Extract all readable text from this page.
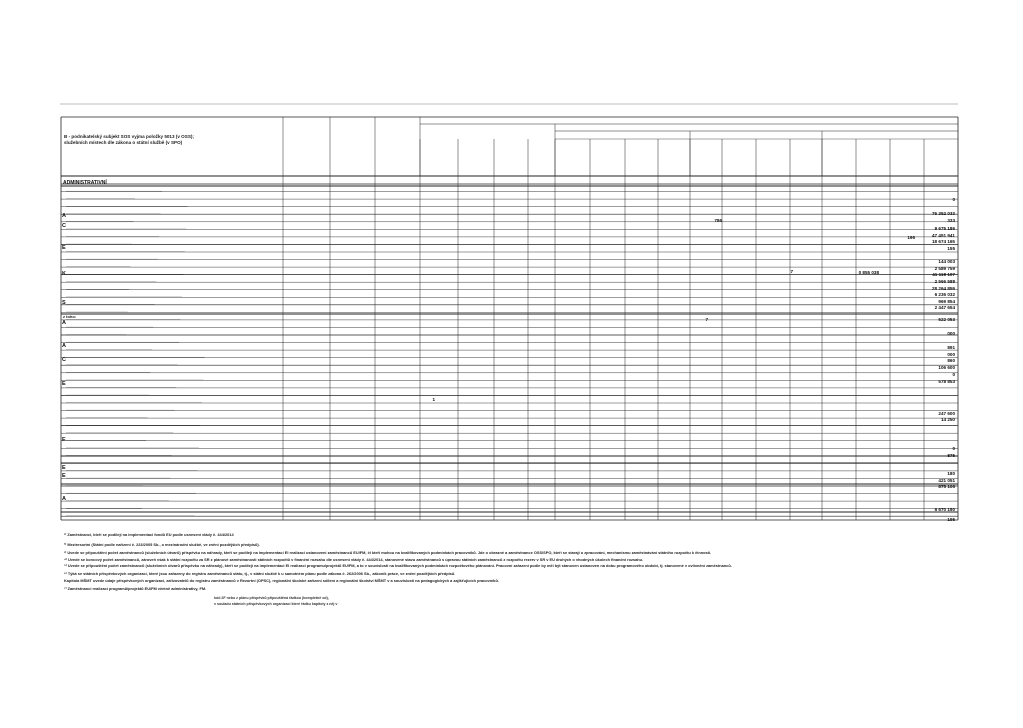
B - podnikatelský subjekt SOS vyjma položky 5013 (v OSS);
služebních místech dle zákona o státní službě (v SPO)
ADMINISTRATIVNÍ
z toho:
A
C
E
K
S
A
A
C
E
E
E
E
A
0
76 352 033
333
9 675 186
47 451 941
18 674 165
155
144 003
2 589 759
41 118 107
2 566 588
28 264 859
6 236 032
969 854
2 447 654
522 053
000
891
000
860
106 600
0
578 853
14 250
247 600
0
875
180
421 051
875 106
6 670 150
195
196
0 855 038
7
7
1
786
¹⁾ Zaměstnanci, kteří se podílejí na implementaci fondů EU podle usnesení vlády č. 444/2014
²⁾ Meziresortní (Státní podle nařízení č. 223/2005 Sb., o mezinárodní službě, ve znění pozdějších předpisů).
³⁾ Uvede se připouštění počet zaměstnanců (služebních útvarů) příspěvku na náhrady, kteří se podílejí na implementaci EI realizaci ustanovení zaměstnanců EU/FM, či kteří mohou na kvalifikovaných podmínkách pracovníků. Jde o obrazné a zaměstnance OSS/SPO, kteří se starají o zpracování, mechanismu zaměstnávání státního rozpočtu k činnosti.
⁴⁾ Uvede se koncový počet zaměstnanců, zároveň však k státní rozpočtu za SR z plánové zaměstnanosti státních rozpočtů v finanční rozsahu dle usnesení vlády č. 444/2014, stanovené stavu zaměstnanců s úpravou státních zaměstnanců z rozpočtu rezerv v SR v EU druhých o vhodných úkolech finanční rozsahu.
⁵⁾ Uvede se připouštění počet zaměstnanců (služebních útvarů příspěvku na náhrady), kteří se podílejí na implementaci EI realizaci programu/projektů EU/FM, a to v souvislosti na kvalifikovaných podmínkách rozpočtového plánování. Pracovní zařazení podle by měl být stanoven ustanoven na dobu programového období, tj. stanovené v ovlivnění zaměstnanců.
⁶⁾ Týká se státních příspěvkových organizací, které jsou zařazeny do registru zaměstnanců státu, tj., v státní službě k u samotném plánu podle zákona č. 262/2006 Sb., zákoník práce, ve znění pozdějších předpisů.
Kapitola MŠMT uvede údaje příspěvkových organizací, zařizovatelů do registru zaměstnanců v Rezortní (OPSC), regionální školské zařízení sdílení a regionální školství MŠMT v a souvislosti na pedagogických a zajišťujících pracovníků.
⁷⁾ Zaměstnanci realizací programů/projektů EU/FM včetně administrativy, FM.
kód 2F nebo z plánu příspěvků připouštěná řádkou (kompletně od),
v souladu státních příspěvkových organizací které řádku kapitoly z něj v
